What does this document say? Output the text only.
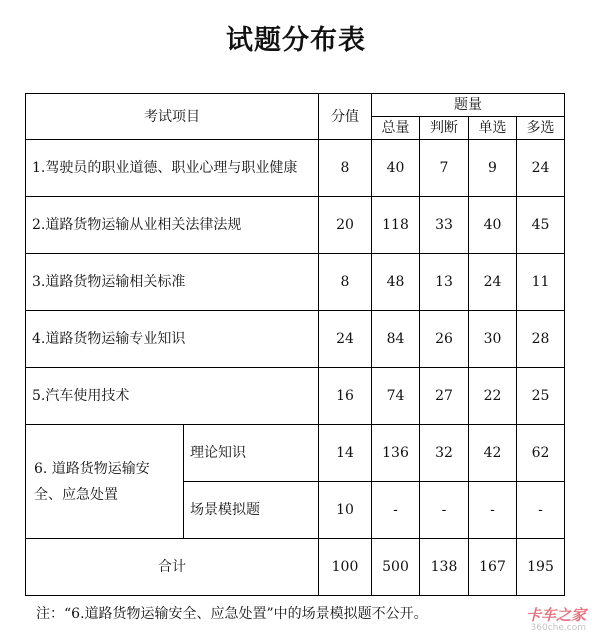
试题分布表
考试项目		分值	题量			
			总量	判断	单选	多选
1.驾驶员的职业道德、职业心理与职业健康		8	40	7	9	24
2.道路货物运输从业相关法律法规		20	118	33	40	45
3.道路货物运输相关标准		8	48	13	24	11
4.道路货物运输专业知识		24	84	26	30	28
5.汽车使用技术		16	74	27	22	25
6. 道路货物运输安全、应急处置	理论知识	14	136	32	42	62
	场景模拟题	10	-	-	-	-
合计		100	500	138	167	195
注：“6.道路货物运输安全、应急处置”中的场景模拟题不公开。	卡车之家
360che.com
